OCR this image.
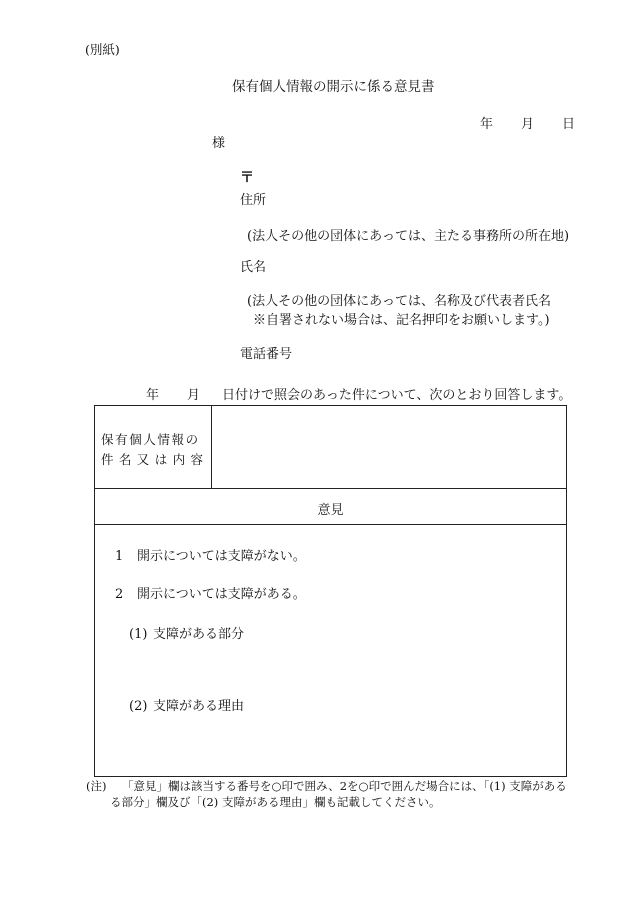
(別紙)
保有個人情報の開示に係る意見書
年 月 日
様
〒
住所
(法人その他の団体にあっては、主たる事務所の所在地)
氏名
(法人その他の団体にあっては、名称及び代表者氏名
※自署されない場合は、記名押印をお願いします。)
電話番号
年 月 日付けで照会のあった件について、次のとおり回答します。
保有個人情報の
件名又は内容
意見
1 開示については支障がない。
2 開示については支障がある。
(1) 支障がある部分
(2) 支障がある理由
(注) 「意見」欄は該当する番号を○印で囲み、2を○印で囲んだ場合には、「(1) 支障がある
る部分」欄及び「(2) 支障がある理由」欄も記載してください。
